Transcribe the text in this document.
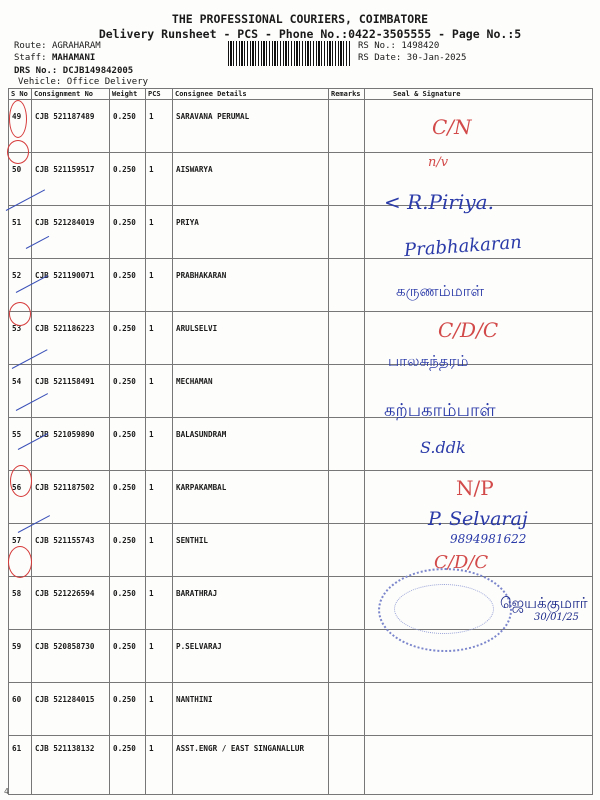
THE PROFESSIONAL COURIERS, COIMBATORE
Delivery Runsheet - PCS - Phone No.:0422-3505555 - Page No.:5
Route: AGRAHARAM
Staff: MAHAMANI
DRS No.: DCJB149842005
Vehicle: Office Delivery
RS No.: 1498420
RS Date: 30-Jan-2025
S No	Consignment No	Weight	PCS	Consignee Details	Remarks	Seal & Signature
49	CJB 521187489	0.250	1	SARAVANA PERUMAL		
50	CJB 521159517	0.250	1	AISWARYA		
51	CJB 521284019	0.250	1	PRIYA		
52	CJB 521190071	0.250	1	PRABHAKARAN		
53	CJB 521186223	0.250	1	ARULSELVI		
54	CJB 521158491	0.250	1	MECHAMAN		
55	CJB 521059890	0.250	1	BALASUNDRAM		
56	CJB 521187502	0.250	1	KARPAKAMBAL		
57	CJB 521155743	0.250	1	SENTHIL		
58	CJB 521226594	0.250	1	BARATHRAJ		
59	CJB 520858730	0.250	1	P.SELVARAJ		
60	CJB 521284015	0.250	1	NANTHINI		
61	CJB 521138132	0.250	1	ASST.ENGR / EAST SINGANALLUR		
C/N
n/v
< R.Piriya.
Prabhakaran
கருணம்மாள்
C/D/C
பாலசுந்தரம்
கற்பகாம்பாள்
S.ddk
N/P
P. Selvaraj
9894981622
C/D/C
ஜெயக்குமார்
30/01/25
4
